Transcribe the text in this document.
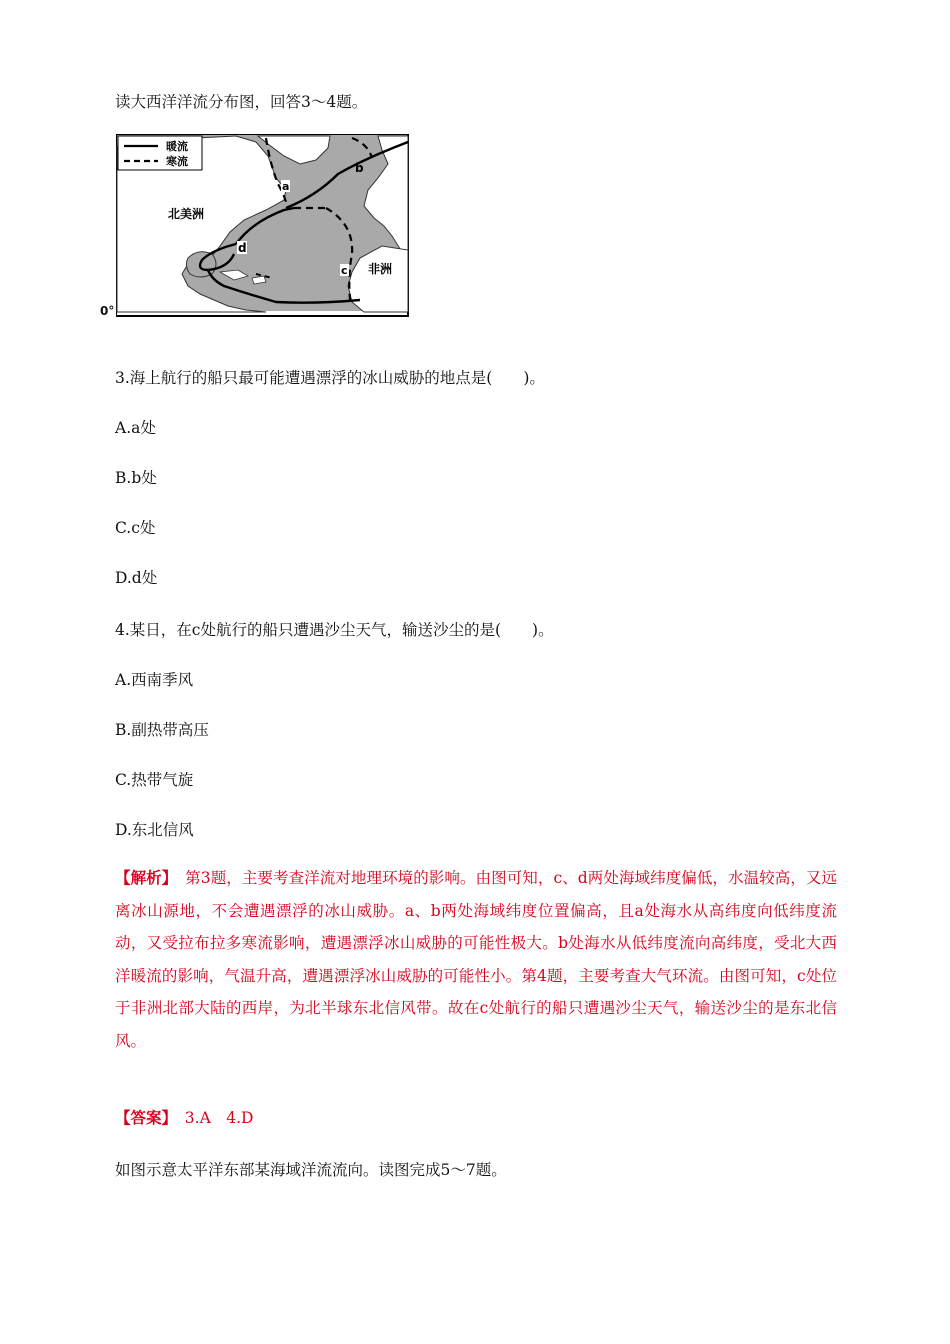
读大西洋洋流分布图，回答3～4题。
暖流
寒流
北美洲
非洲
a
b
c
d
0°
3.海上航行的船只最可能遭遇漂浮的冰山威胁的地点是(　　)。
A.a处
B.b处
C.c处
D.d处
4.某日，在c处航行的船只遭遇沙尘天气，输送沙尘的是(　　)。
A.西南季风
B.副热带高压
C.热带气旋
D.东北信风
【解析】　 第3题，主要考查洋流对地理环境的影响。由图可知，c、d两处海域纬度偏低，水温较高，又远离冰山源地，不会遭遇漂浮的冰山威胁。a、b两处海域纬度位置偏高，且a处海水从高纬度向低纬度流动，又受拉布拉多寒流影响，遭遇漂浮冰山威胁的可能性极大。b处海水从低纬度流向高纬度，受北大西洋暖流的影响，气温升高，遭遇漂浮冰山威胁的可能性小。第4题，主要考查大气环流。由图可知，c处位于非洲北部大陆的西岸，为北半球东北信风带。故在c处航行的船只遭遇沙尘天气，输送沙尘的是东北信风。
【答案】　 3.A　4.D
如图示意太平洋东部某海域洋流流向。读图完成5～7题。
